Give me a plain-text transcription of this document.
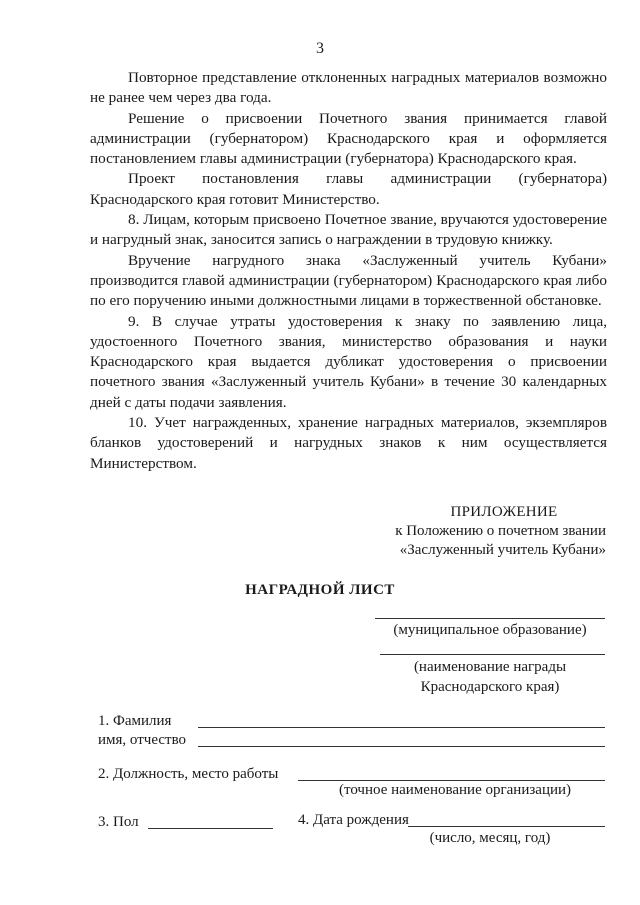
3

Повторное представление отклоненных наградных материалов возможно не ранее чем через два года.

Решение о присвоении Почетного звания принимается главой администрации (губернатором) Краснодарского края и оформляется постановлением главы администрации (губернатора) Краснодарского края.

Проект постановления главы администрации (губернатора) Краснодарского края готовит Министерство.

8. Лицам, которым присвоено Почетное звание, вручаются удостоверение и нагрудный знак, заносится запись о награждении в трудовую книжку.

Вручение нагрудного знака «Заслуженный учитель Кубани» производится главой администрации (губернатором) Краснодарского края либо по его поручению иными должностными лицами в торжественной обстановке.

9. В случае утраты удостоверения к знаку по заявлению лица, удостоенного Почетного звания, министерство образования и науки Краснодарского края выдается дубликат удостоверения о присвоении почетного звания «Заслуженный учитель Кубани» в течение 30 календарных дней с даты подачи заявления.

10. Учет награжденных, хранение наградных материалов, экземпляров бланков удостоверений и нагрудных знаков к ним осуществляется Министерством.

ПРИЛОЖЕНИЕ
к Положению о почетном звании
«Заслуженный учитель Кубани»
НАГРАДНОЙ ЛИСТ
(муниципальное образование)
(наименование награды
Краснодарского края)
1. Фамилия
имя, отчество
2. Должность, место работы
(точное наименование организации)
3. Пол	4. Дата рождения
(число, месяц, год)
